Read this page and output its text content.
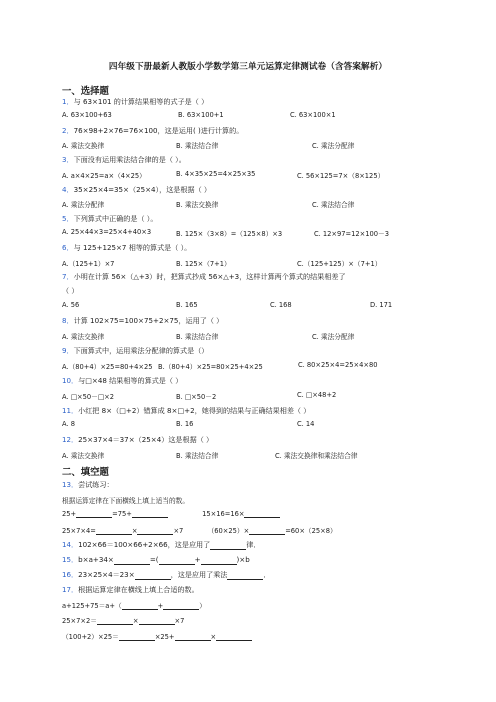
四年级下册最新人教版小学数学第三单元运算定律测试卷（含答案解析）
一、选择题
1．与 63×101 的计算结果相等的式子是（ ）
A. 63×100+63	B. 63×100+1	C. 63×100×1
2．76×98+2×76=76×100，这是运用( )进行计算的。
A. 乘法交换律	B. 乘法结合律	C. 乘法分配律
3．下面没有运用乘法结合律的是（ ）。
A. a×4×25=a×（4×25）	B. 4×35×25=4×25×35	C. 56×125=7×（8×125）
4．35×25×4=35×（25×4），这是根据（ ）
A. 乘法分配律	B. 乘法交换律	C. 乘法结合律
5．下列算式中正确的是（ ）。
A. 25×44×3=25×4+40×3	B. 125×（3×8）=（125×8）×3	C. 12×97=12×100－3
6．与 125+125×7 相等的算式是（ ）。
A.（125+1）×7	B. 125×（7+1）	C.（125+125）×（7+1）
7．小明在计算 56×（△+3）时，把算式抄成 56×△+3，这样计算两个算式的结果相差了
（ ）
A. 56	B. 165	C. 168	D. 171
8．计算 102×75=100×75+2×75，运用了（ ）
A. 乘法交换律	B. 乘法结合律	C. 乘法分配律
9．下面算式中，运用乘法分配律的算式是（）
A.（80+4）×25=80+4×25 B.（80+4）×25=80×25+4×25	C. 80×25×4=25×4×80
10．与□×48 结果相等的算式是（ ）
A. □×50－□×2	B. □×50－2	C. □×48+2
11．小红把 8×（□+2）错算成 8×□+2，她得到的结果与正确结果相差（ ）
A. 8	B. 16	C. 14
12．25×37×4＝37×（25×4）这是根据（ ）
A. 乘法交换律	B. 乘法结合律	C. 乘法交换律和乘法结合律
二、填空题
13．尝试练习：
根据运算定律在下面横线上填上适当的数。
25+	=75+	15×16=16×
25×7×4=	×	×7	（60×25）×	=60×（25×8）
14．102×66＝100×66+2×66，这是应用了	律．
15．b×a+34×	=(	+	)×b
16．23×25×4＝23×	，这是应用了乘法	．
17．根据运算定律在横线上填上合适的数。
a+125+75＝a+（	+	）
25×7×2＝	×	×7
（100+2）×25＝	×25+	×
